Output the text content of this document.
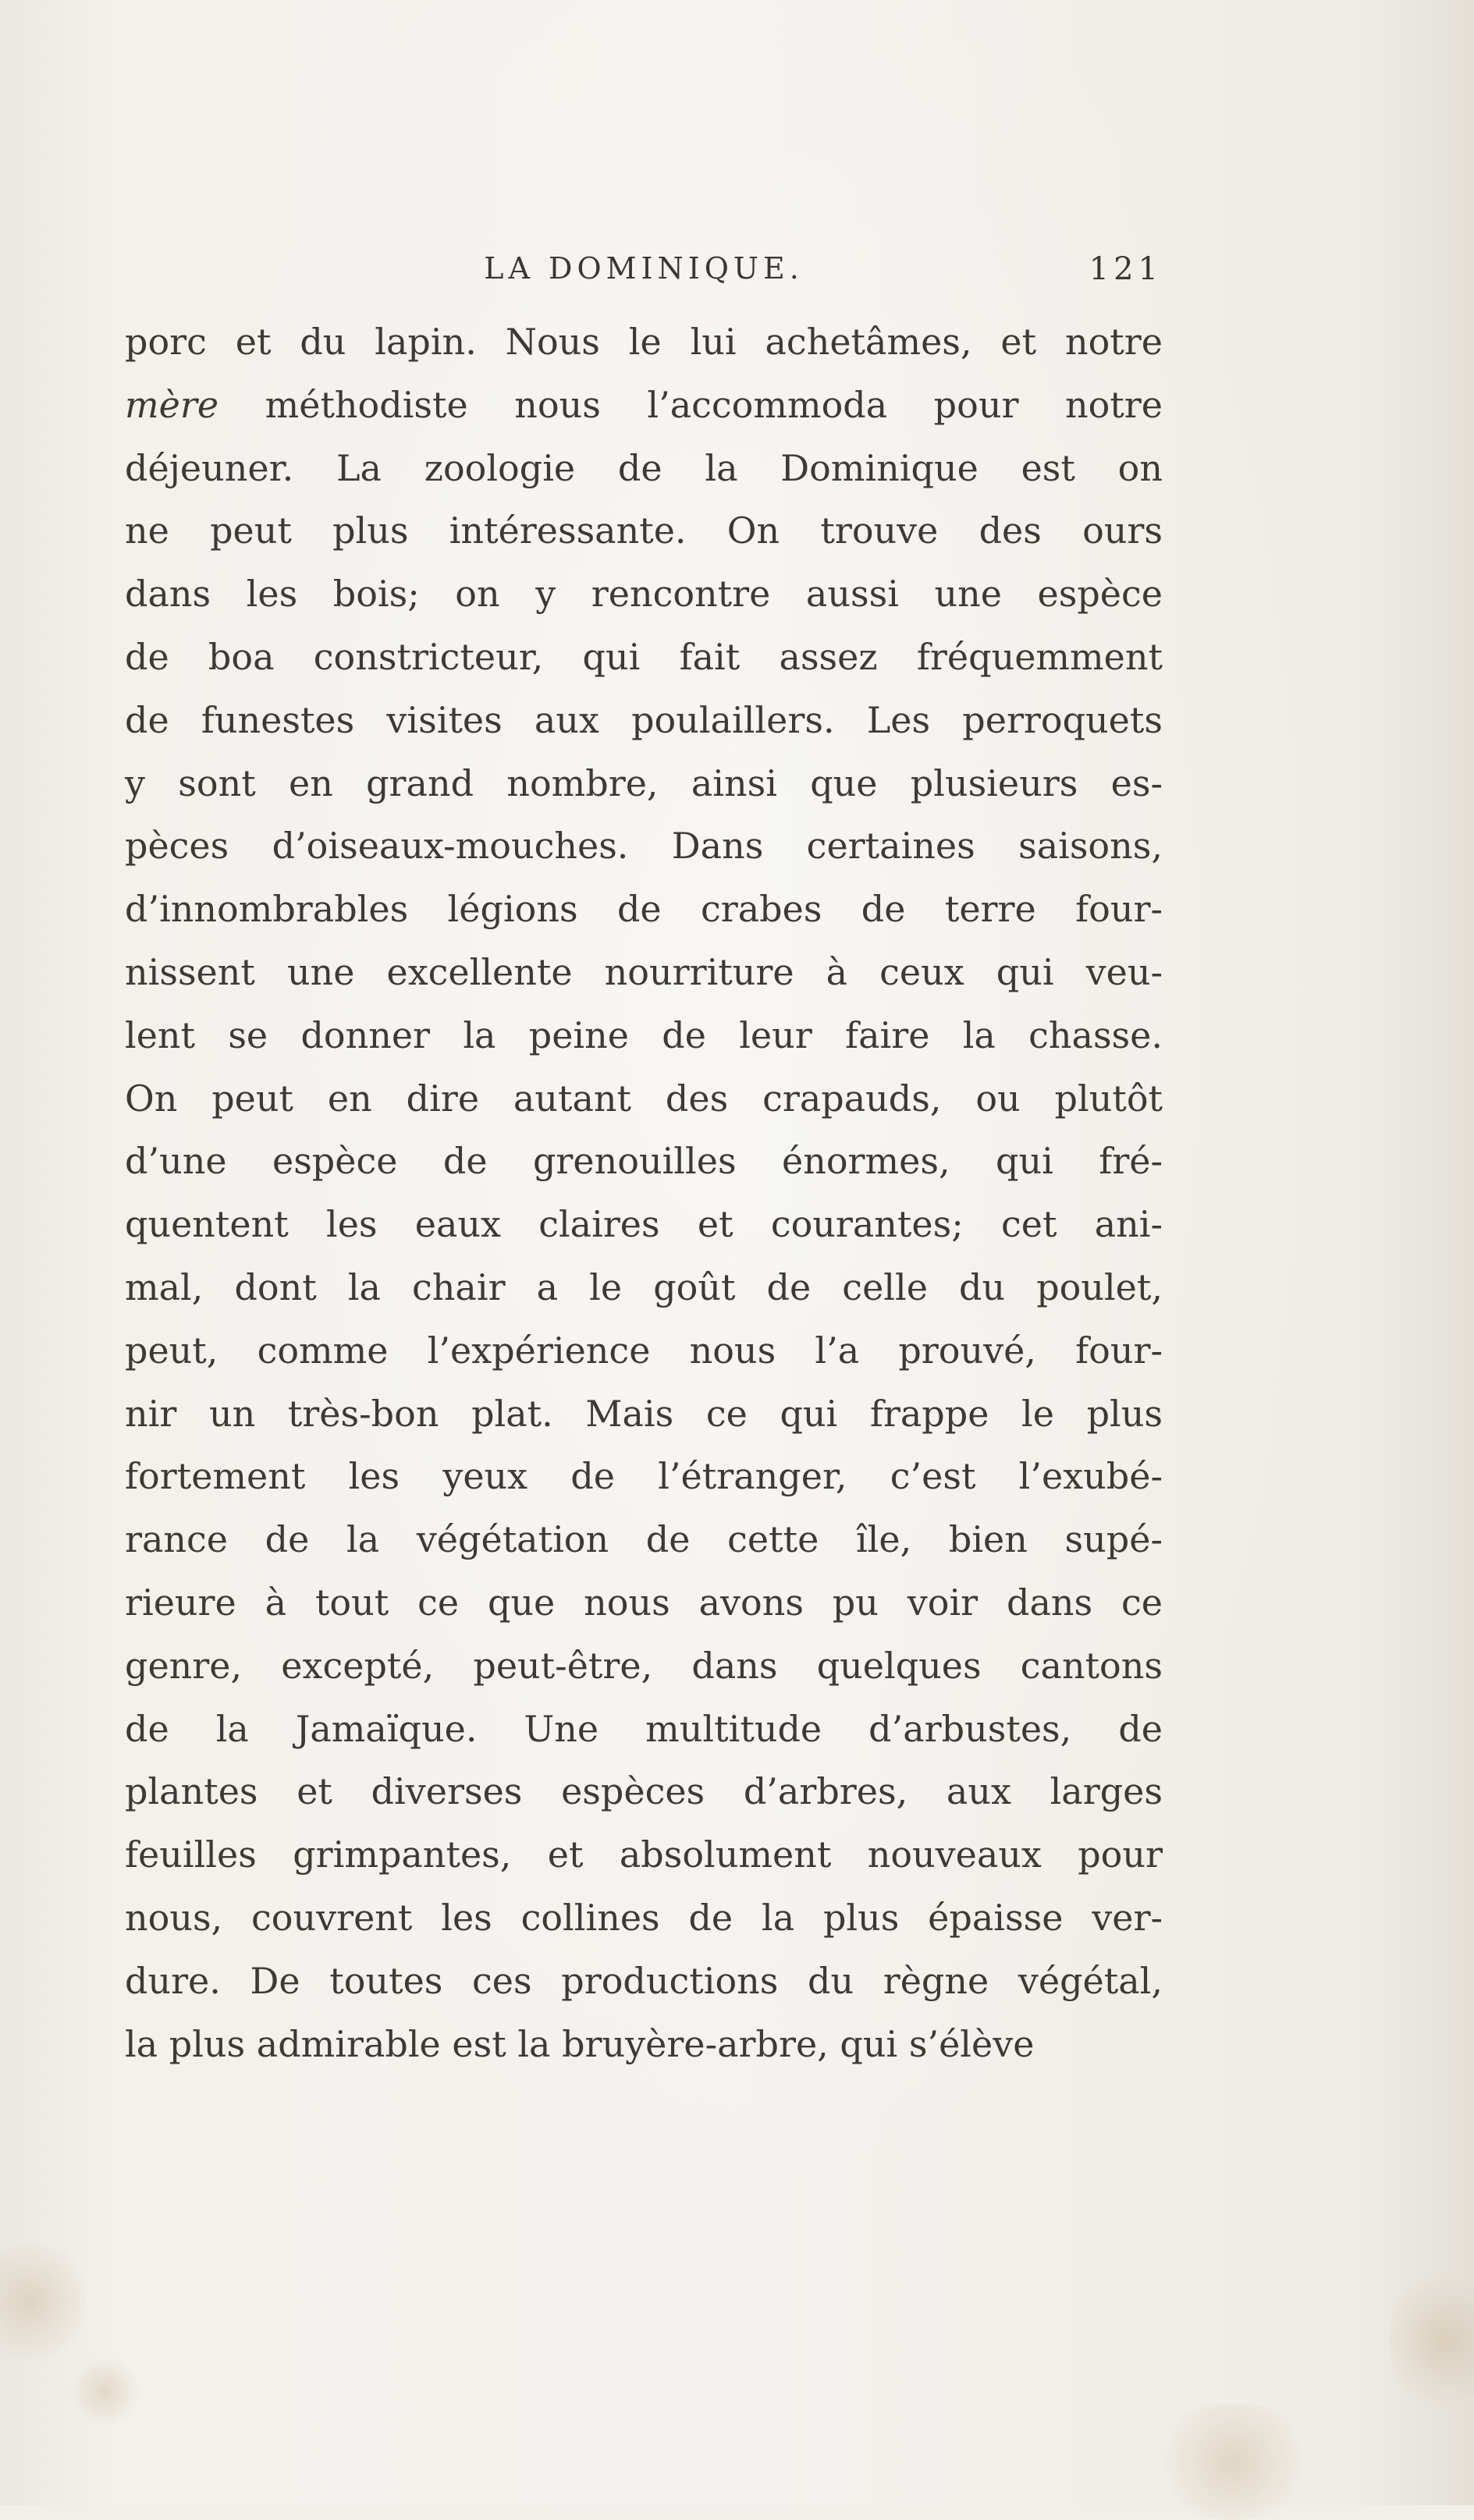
LA DOMINIQUE.	121
porc et du lapin. Nous le lui achetâmes, et notre
mère méthodiste nous l’accommoda pour notre
déjeuner. La zoologie de la Dominique est on
ne peut plus intéressante. On trouve des ours
dans les bois; on y rencontre aussi une espèce
de boa constricteur, qui fait assez fréquemment
de funestes visites aux poulaillers. Les perroquets
y sont en grand nombre, ainsi que plusieurs es-
pèces d’oiseaux-mouches. Dans certaines saisons,
d’innombrables légions de crabes de terre four-
nissent une excellente nourriture à ceux qui veu-
lent se donner la peine de leur faire la chasse.
On peut en dire autant des crapauds, ou plutôt
d’une espèce de grenouilles énormes, qui fré-
quentent les eaux claires et courantes; cet ani-
mal, dont la chair a le goût de celle du poulet,
peut, comme l’expérience nous l’a prouvé, four-
nir un très-bon plat. Mais ce qui frappe le plus
fortement les yeux de l’étranger, c’est l’exubé-
rance de la végétation de cette île, bien supé-
rieure à tout ce que nous avons pu voir dans ce
genre, excepté, peut-être, dans quelques cantons
de la Jamaïque. Une multitude d’arbustes, de
plantes et diverses espèces d’arbres, aux larges
feuilles grimpantes, et absolument nouveaux pour
nous, couvrent les collines de la plus épaisse ver-
dure. De toutes ces productions du règne végétal,
la plus admirable est la bruyère-arbre, qui s’élève
